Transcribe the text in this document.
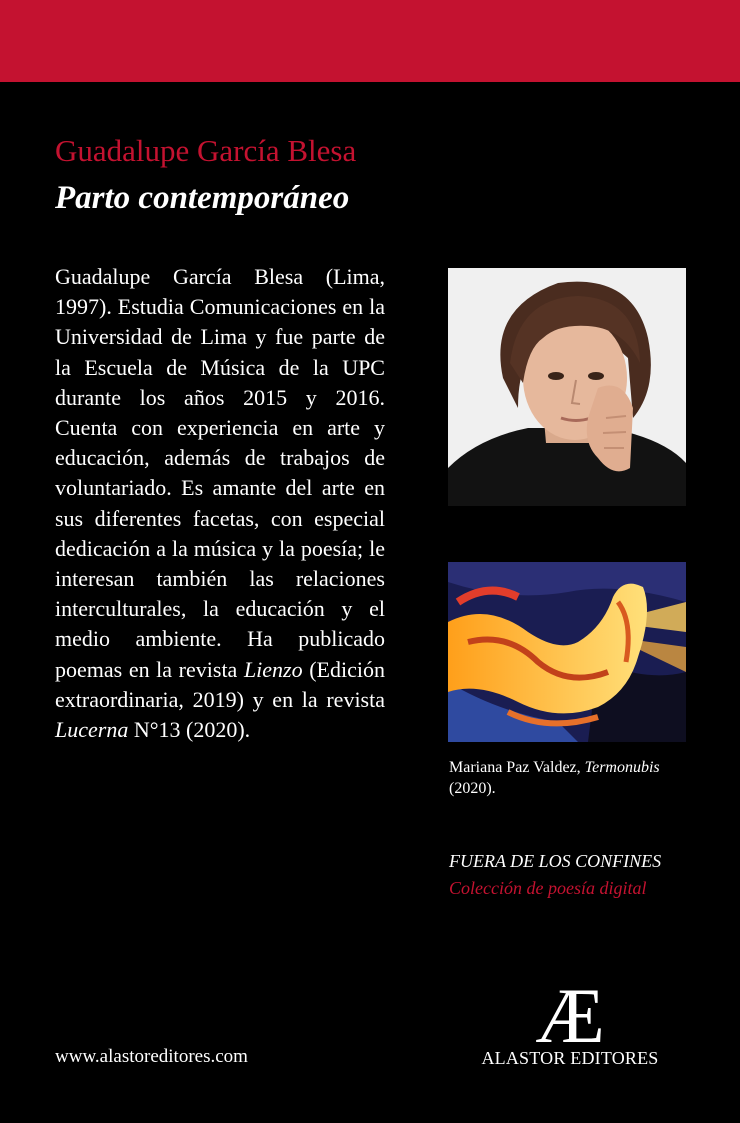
Guadalupe García Blesa
Parto contemporáneo

Guadalupe García Blesa (Lima, 1997). Estudia Comunicaciones en la Universidad de Lima y fue parte de la Escuela de Música de la UPC durante los años 2015 y 2016. Cuenta con experiencia en arte y educación, además de trabajos de voluntariado. Es amante del arte en sus diferentes facetas, con especial dedicación a la música y la poesía; le interesan también las relaciones interculturales, la educación y el medio ambiente. Ha publicado poemas en la revista Lienzo (Edición extraordinaria, 2019) y en la revista Lucerna N°13 (2020).

Mariana Paz Valdez, Termonubis
(2020).
FUERA DE LOS CONFINES
Colección de poesía digital
Æ
ALASTOR EDITORES
www.alastoreditores.com
